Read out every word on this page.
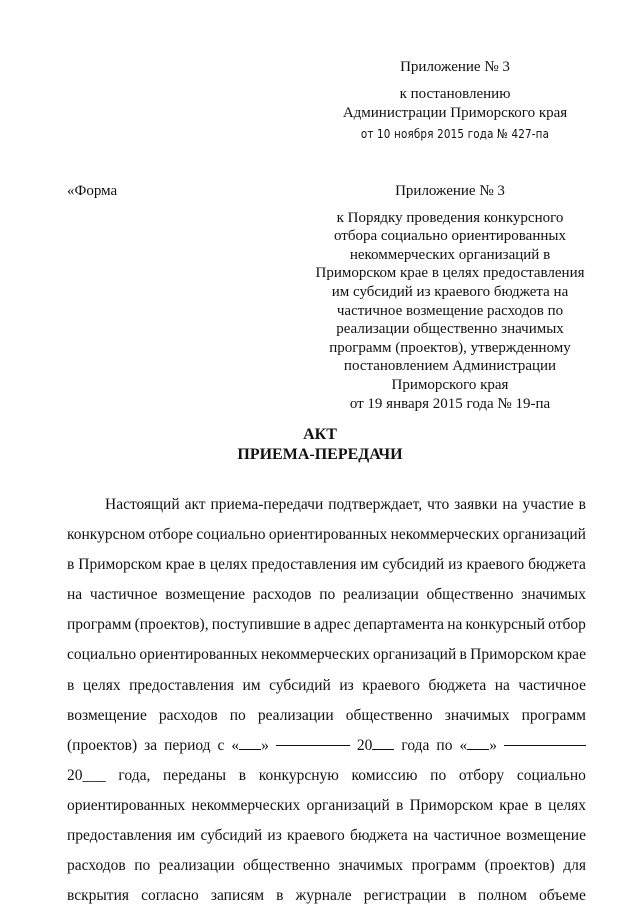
Приложение № 3
к постановлению
Администрации Приморского края
от 10 ноября 2015 года № 427-па
«Форма	Приложение № 3
к Порядку проведения конкурсного
отбора социально ориентированных
некоммерческих организаций в
Приморском крае в целях предоставления
им субсидий из краевого бюджета на
частичное возмещение расходов по
реализации общественно значимых
программ (проектов), утвержденному
постановлением Администрации
Приморского края
от 19 января 2015 года № 19-па
АКТ
ПРИЕМА-ПЕРЕДАЧИ
Настоящий акт приема-передачи подтверждает, что заявки на участие в
конкурсном отборе социально ориентированных некоммерческих организаций
в Приморском крае в целях предоставления им субсидий из краевого бюджета
на частичное возмещение расходов по реализации общественно значимых
программ (проектов), поступившие в адрес департамента на конкурсный отбор
социально ориентированных некоммерческих организаций в Приморском крае
в целях предоставления им субсидий из краевого бюджета на частичное
возмещение расходов по реализации общественно значимых программ
(проектов) за период с « »	20	года по « »
20___ года, переданы в конкурсную комиссию по отбору социально
ориентированных некоммерческих организаций в Приморском крае в целях
предоставления им субсидий из краевого бюджета на частичное возмещение
расходов по реализации общественно значимых программ (проектов) для
вскрытия согласно записям в журнале регистрации в полном объеме
